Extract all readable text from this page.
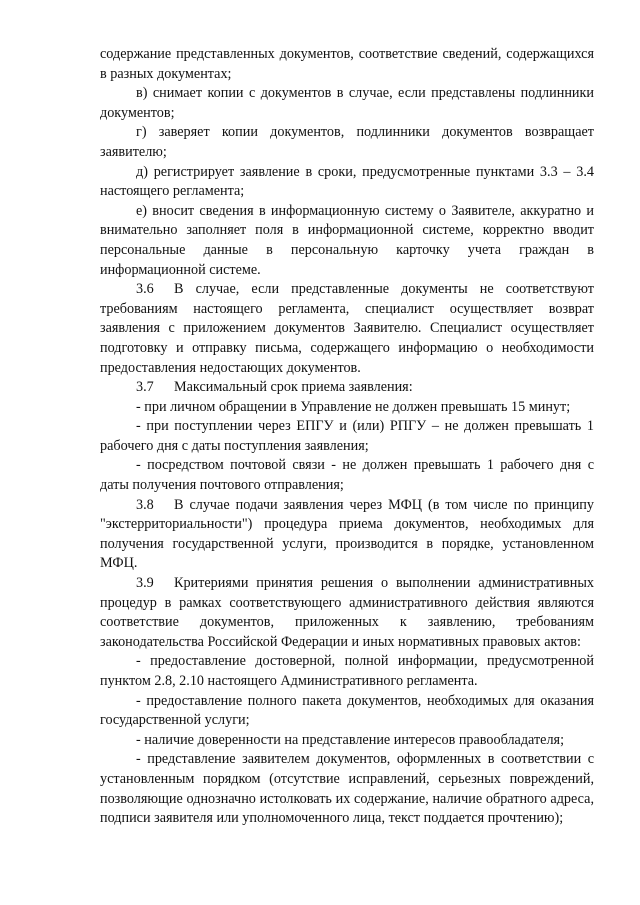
содержание представленных документов, соответствие сведений, содержащихся в разных документах;

в) снимает копии с документов в случае, если представлены подлинники документов;

г) заверяет копии документов, подлинники документов возвращает заявителю;

д) регистрирует заявление в сроки, предусмотренные пунктами 3.3 – 3.4 настоящего регламента;

е) вносит сведения в информационную систему о Заявителе, аккуратно и внимательно заполняет поля в информационной системе, корректно вводит персональные данные в персональную карточку учета граждан в информационной системе.

3.6 В случае, если представленные документы не соответствуют требованиям настоящего регламента, специалист осуществляет возврат заявления с приложением документов Заявителю. Специалист осуществляет подготовку и отправку письма, содержащего информацию о необходимости предоставления недостающих документов.

3.7 Максимальный срок приема заявления:

- при личном обращении в Управление не должен превышать 15 минут;

- при поступлении через ЕПГУ и (или) РПГУ – не должен превышать 1 рабочего дня с даты поступления заявления;

- посредством почтовой связи - не должен превышать 1 рабочего дня с даты получения почтового отправления;

3.8 В случае подачи заявления через МФЦ (в том числе по принципу "экстерриториальности") процедура приема документов, необходимых для получения государственной услуги, производится в порядке, установленном МФЦ.

3.9 Критериями принятия решения о выполнении административных процедур в рамках соответствующего административного действия являются соответствие документов, приложенных к заявлению, требованиям законодательства Российской Федерации и иных нормативных правовых актов:

- предоставление достоверной, полной информации, предусмотренной пунктом 2.8, 2.10 настоящего Административного регламента.

- предоставление полного пакета документов, необходимых для оказания государственной услуги;

- наличие доверенности на представление интересов правообладателя;

- представление заявителем документов, оформленных в соответствии с установленным порядком (отсутствие исправлений, серьезных повреждений, позволяющие однозначно истолковать их содержание, наличие обратного адреса, подписи заявителя или уполномоченного лица, текст поддается прочтению);
